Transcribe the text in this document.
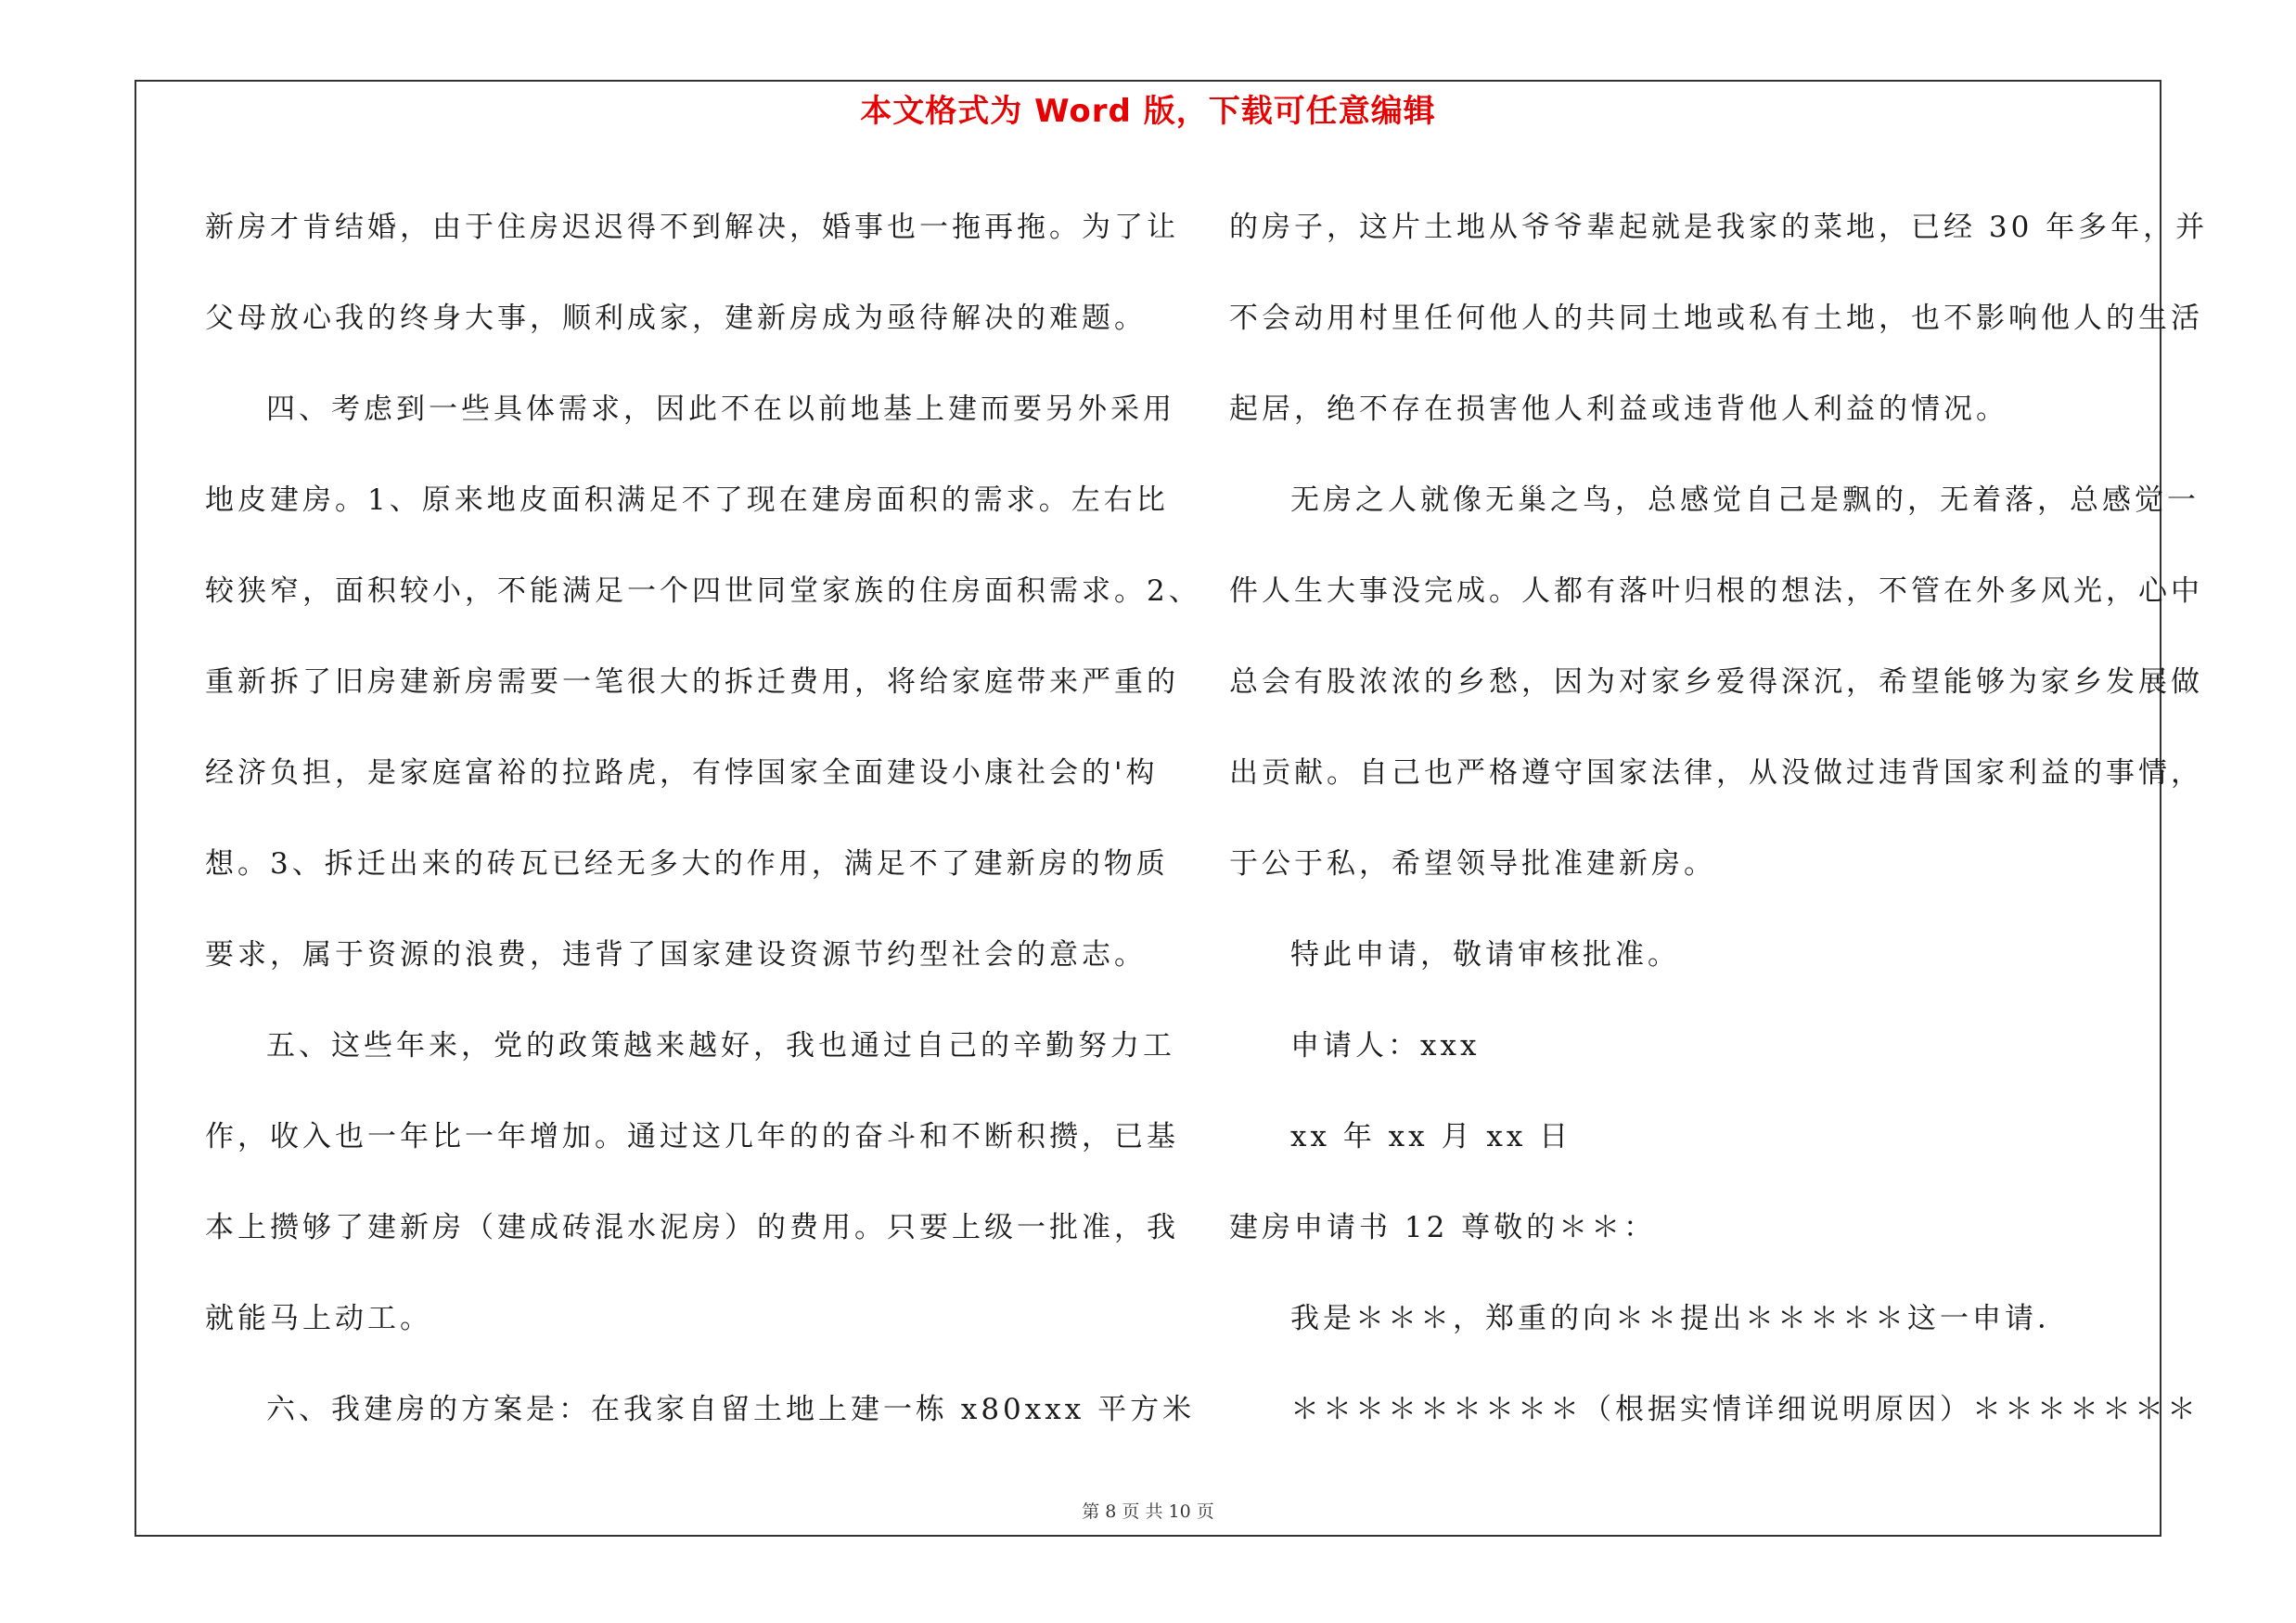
本文格式为 Word 版，下载可任意编辑

新房才肯结婚，由于住房迟迟得不到解决，婚事也一拖再拖。为了让

父母放心我的终身大事，顺利成家，建新房成为亟待解决的难题。

四、考虑到一些具体需求，因此不在以前地基上建而要另外采用

地皮建房。1、原来地皮面积满足不了现在建房面积的需求。左右比

较狭窄，面积较小，不能满足一个四世同堂家族的住房面积需求。2、

重新拆了旧房建新房需要一笔很大的拆迁费用，将给家庭带来严重的

经济负担，是家庭富裕的拉路虎，有悖国家全面建设小康社会的'构

想。3、拆迁出来的砖瓦已经无多大的作用，满足不了建新房的物质

要求，属于资源的浪费，违背了国家建设资源节约型社会的意志。

五、这些年来，党的政策越来越好，我也通过自己的辛勤努力工

作，收入也一年比一年增加。通过这几年的的奋斗和不断积攒，已基

本上攒够了建新房（建成砖混水泥房）的费用。只要上级一批准，我

就能马上动工。

六、我建房的方案是：在我家自留土地上建一栋 x80xxx 平方米

的房子，这片土地从爷爷辈起就是我家的菜地，已经 30 年多年，并

不会动用村里任何他人的共同土地或私有土地，也不影响他人的生活

起居，绝不存在损害他人利益或违背他人利益的情况。

无房之人就像无巢之鸟，总感觉自己是飘的，无着落，总感觉一

件人生大事没完成。人都有落叶归根的想法，不管在外多风光，心中

总会有股浓浓的乡愁，因为对家乡爱得深沉，希望能够为家乡发展做

出贡献。自己也严格遵守国家法律，从没做过违背国家利益的事情，

于公于私，希望领导批准建新房。

特此申请，敬请审核批准。

申请人：xxx

xx 年 xx 月 xx 日

建房申请书 12 尊敬的＊＊：

我是＊＊＊，郑重的向＊＊提出＊＊＊＊＊这一申请．

＊＊＊＊＊＊＊＊＊（根据实情详细说明原因）＊＊＊＊＊＊＊

第 8 页 共 10 页
